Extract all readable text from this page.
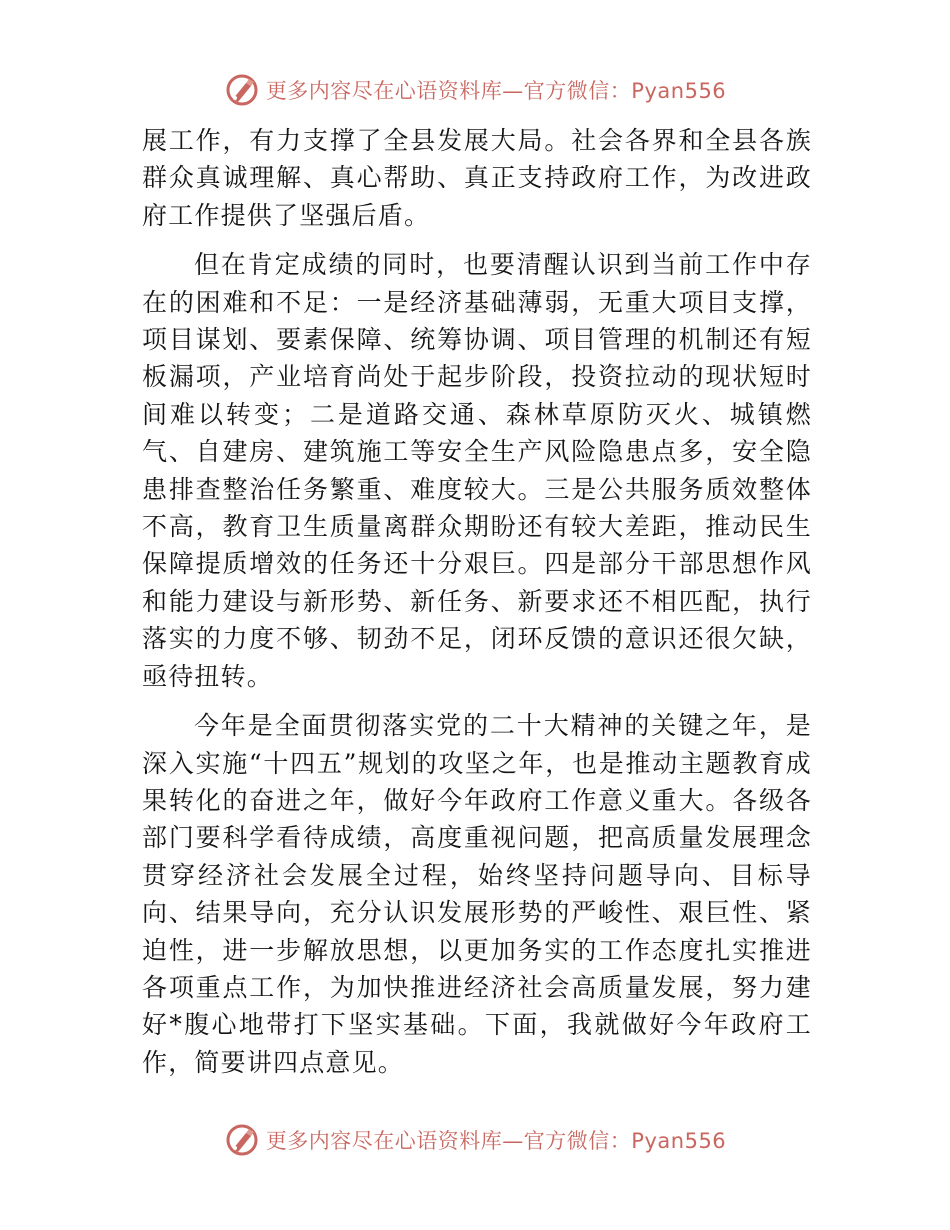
更多内容尽在心语资料库—官方微信：Pyan556

展工作，有力支撑了全县发展大局。社会各界和全县各族群众真诚理解、真心帮助、真正支持政府工作，为改进政府工作提供了坚强后盾。

但在肯定成绩的同时，也要清醒认识到当前工作中存在的困难和不足：一是经济基础薄弱，无重大项目支撑，项目谋划、要素保障、统筹协调、项目管理的机制还有短板漏项，产业培育尚处于起步阶段，投资拉动的现状短时间难以转变；二是道路交通、森林草原防灭火、城镇燃气、自建房、建筑施工等安全生产风险隐患点多，安全隐患排查整治任务繁重、难度较大。三是公共服务质效整体不高，教育卫生质量离群众期盼还有较大差距，推动民生保障提质增效的任务还十分艰巨。四是部分干部思想作风和能力建设与新形势、新任务、新要求还不相匹配，执行落实的力度不够、韧劲不足，闭环反馈的意识还很欠缺，亟待扭转。

今年是全面贯彻落实党的二十大精神的关键之年，是深入实施“十四五”规划的攻坚之年，也是推动主题教育成果转化的奋进之年，做好今年政府工作意义重大。各级各部门要科学看待成绩，高度重视问题，把高质量发展理念贯穿经济社会发展全过程，始终坚持问题导向、目标导向、结果导向，充分认识发展形势的严峻性、艰巨性、紧迫性，进一步解放思想，以更加务实的工作态度扎实推进各项重点工作，为加快推进经济社会高质量发展，努力建好*腹心地带打下坚实基础。下面，我就做好今年政府工作，简要讲四点意见。

更多内容尽在心语资料库—官方微信：Pyan556
